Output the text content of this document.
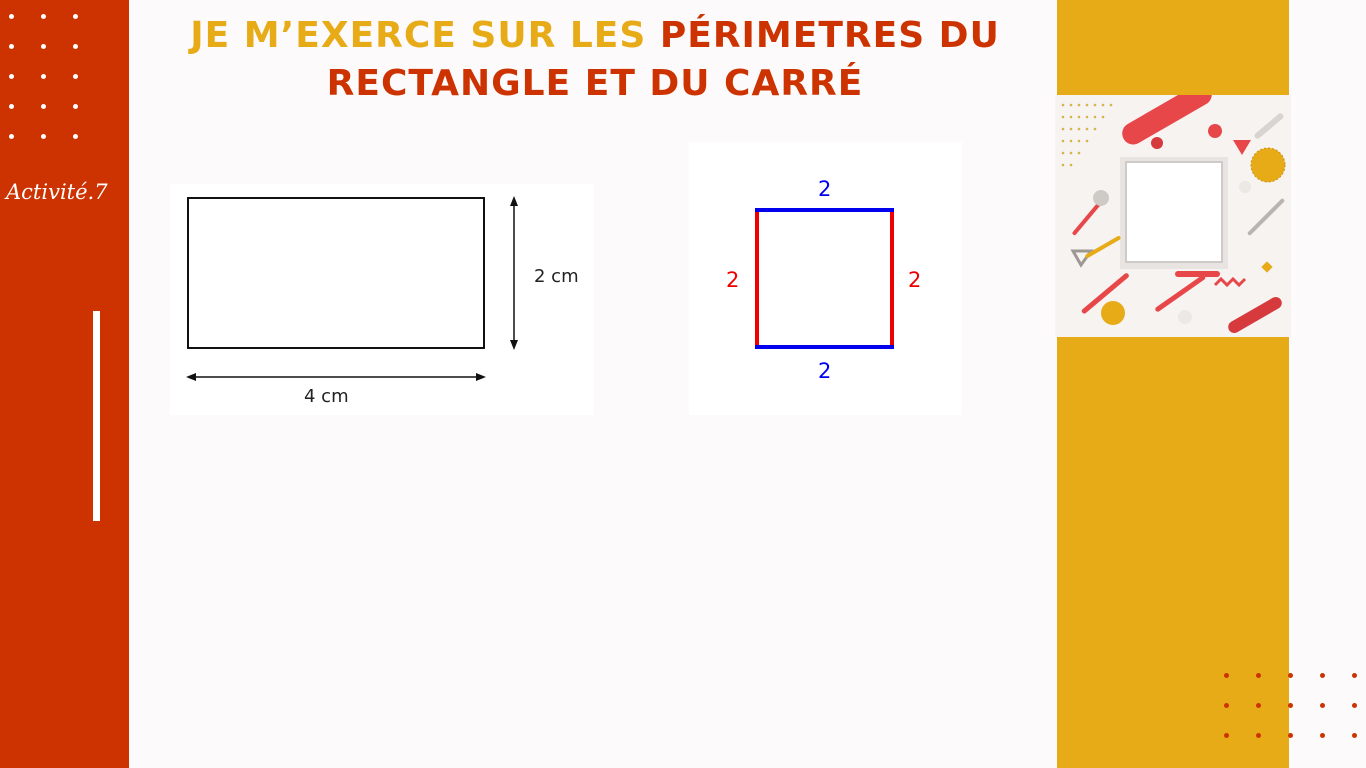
Activité.7
JE M’EXERCE SUR LES PÉRIMETRES DU
RECTANGLE ET DU CARRÉ
2 cm
4 cm
2
2
2	2
